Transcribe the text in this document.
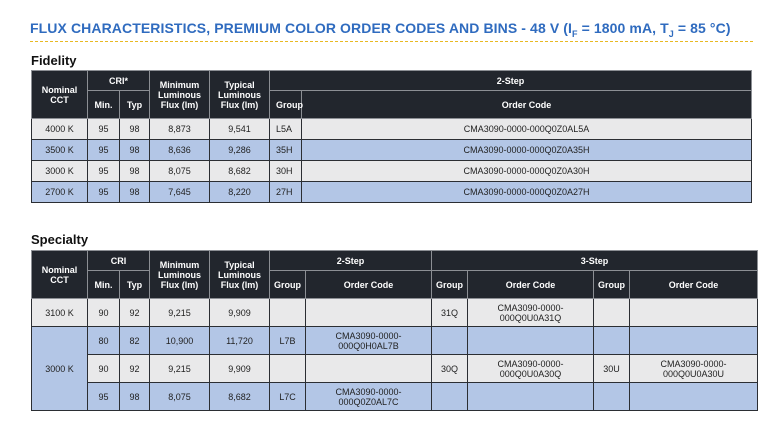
FLUX CHARACTERISTICS, PREMIUM COLOR ORDER CODES AND BINS - 48 V ($I_F = 1800$ mA, $T_J = 85$ °C)
Fidelity
Nominal CCT	CRI*		Minimum Luminous Flux (lm)	Typical Luminous Flux (lm)	2-Step	
	Min.	Typ			Group	Order Code
4000 K	95	98	8,873	9,541	L5A	CMA3090-0000-000Q0Z0AL5A
3500 K	95	98	8,636	9,286	35H	CMA3090-0000-000Q0Z0A35H
3000 K	95	98	8,075	8,682	30H	CMA3090-0000-000Q0Z0A30H
2700 K	95	98	7,645	8,220	27H	CMA3090-0000-000Q0Z0A27H
Specialty
Nominal CCT	CRI		Minimum Luminous Flux (lm)	Typical Luminous Flux (lm)	2-Step		3-Step			
	Min.	Typ			Group	Order Code	Group	Order Code	Group	Order Code
3100 K	90	92	9,215	9,909			31Q	CMA3090-0000-000Q0U0A31Q		
3000 K	80	82	10,900	11,720	L7B	CMA3090-0000-000Q0H0AL7B				
	90	92	9,215	9,909			30Q	CMA3090-0000-000Q0U0A30Q	30U	CMA3090-0000-000Q0U0A30U
	95	98	8,075	8,682	L7C	CMA3090-0000-000Q0Z0AL7C				
